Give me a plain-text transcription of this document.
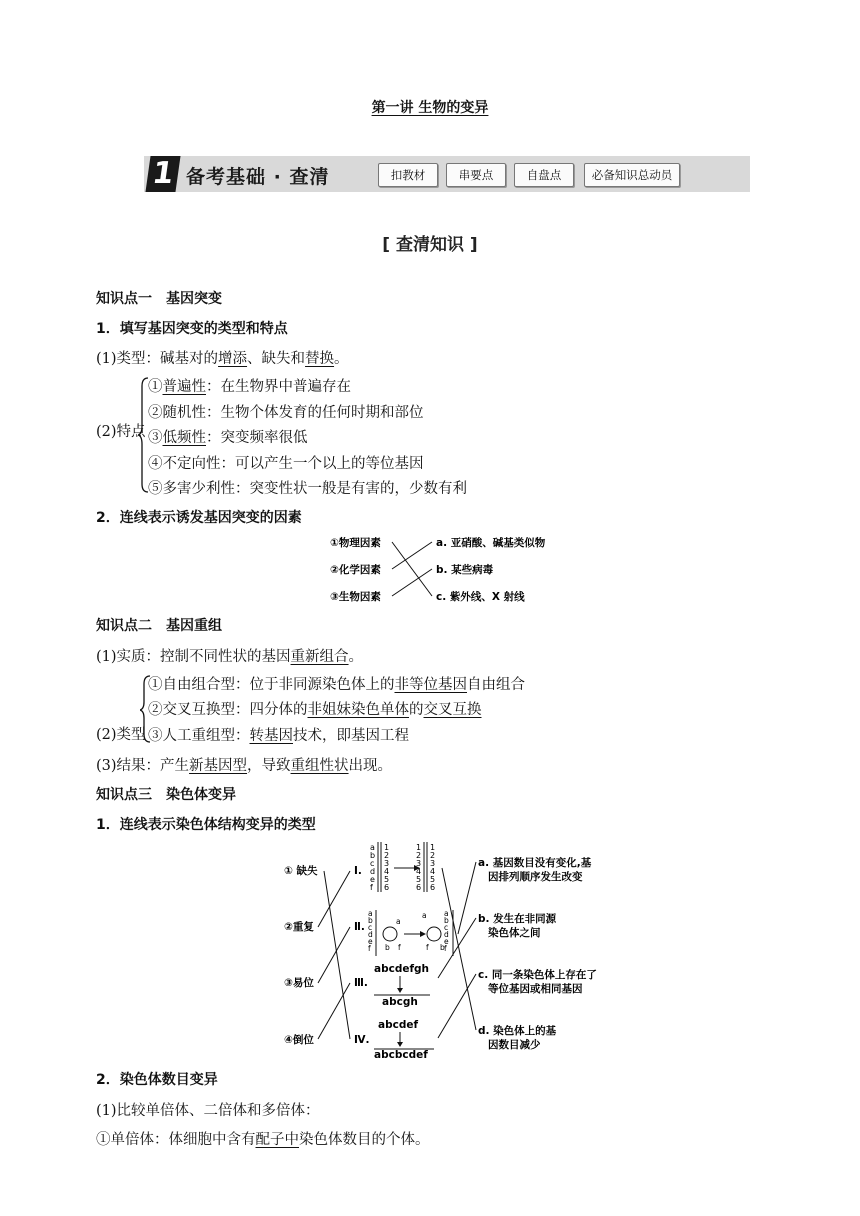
第一讲 生物的变异
1 备考基础 · 查清	扣教材	串要点	自盘点	必备知识总动员
[ 查清知识 ]
知识点一　基因突变
1．填写基因突变的类型和特点
(1)类型：碱基对的增添、缺失和替换。
(2)特点
①普遍性：在生物界中普遍存在
②随机性：生物个体发育的任何时期和部位
③低频性：突变频率很低
④不定向性：可以产生一个以上的等位基因
⑤多害少利性：突变性状一般是有害的，少数有利
2．连线表示诱发基因突变的因素
①物理因素
②化学因素
③生物因素
a. 亚硝酸、碱基类似物
b. 某些病毒
c. 紫外线、X 射线
知识点二　基因重组
(1)实质：控制不同性状的基因重新组合。
(2)类型
①自由组合型：位于非同源染色体上的非等位基因自由组合
②交叉互换型：四分体的非姐妹染色单体的交叉互换
③人工重组型：转基因技术，即基因工程
(3)结果：产生新基因型，导致重组性状出现。
知识点三　染色体变异
1．连线表示染色体结构变异的类型
① 缺失
②重复
③易位
④倒位
Ⅰ.
Ⅱ.
Ⅲ.
Ⅳ.
a
b
c
d
e
f
1
2
3
4
5
6
1
2
3
4
5
6
1
2
3
4
5
6
a
b
c
d
e
f b
a
f
a
f b
a
b
c
d
e
f
abcdefgh
abcgh
abcdef
abcbcdef
a. 基因数目没有变化,基
因排列顺序发生改变
b. 发生在非同源
染色体之间
c. 同一条染色体上存在了
等位基因或相同基因
d. 染色体上的基
因数目减少
2．染色体数目变异
(1)比较单倍体、二倍体和多倍体：
①单倍体：体细胞中含有配子中染色体数目的个体。
